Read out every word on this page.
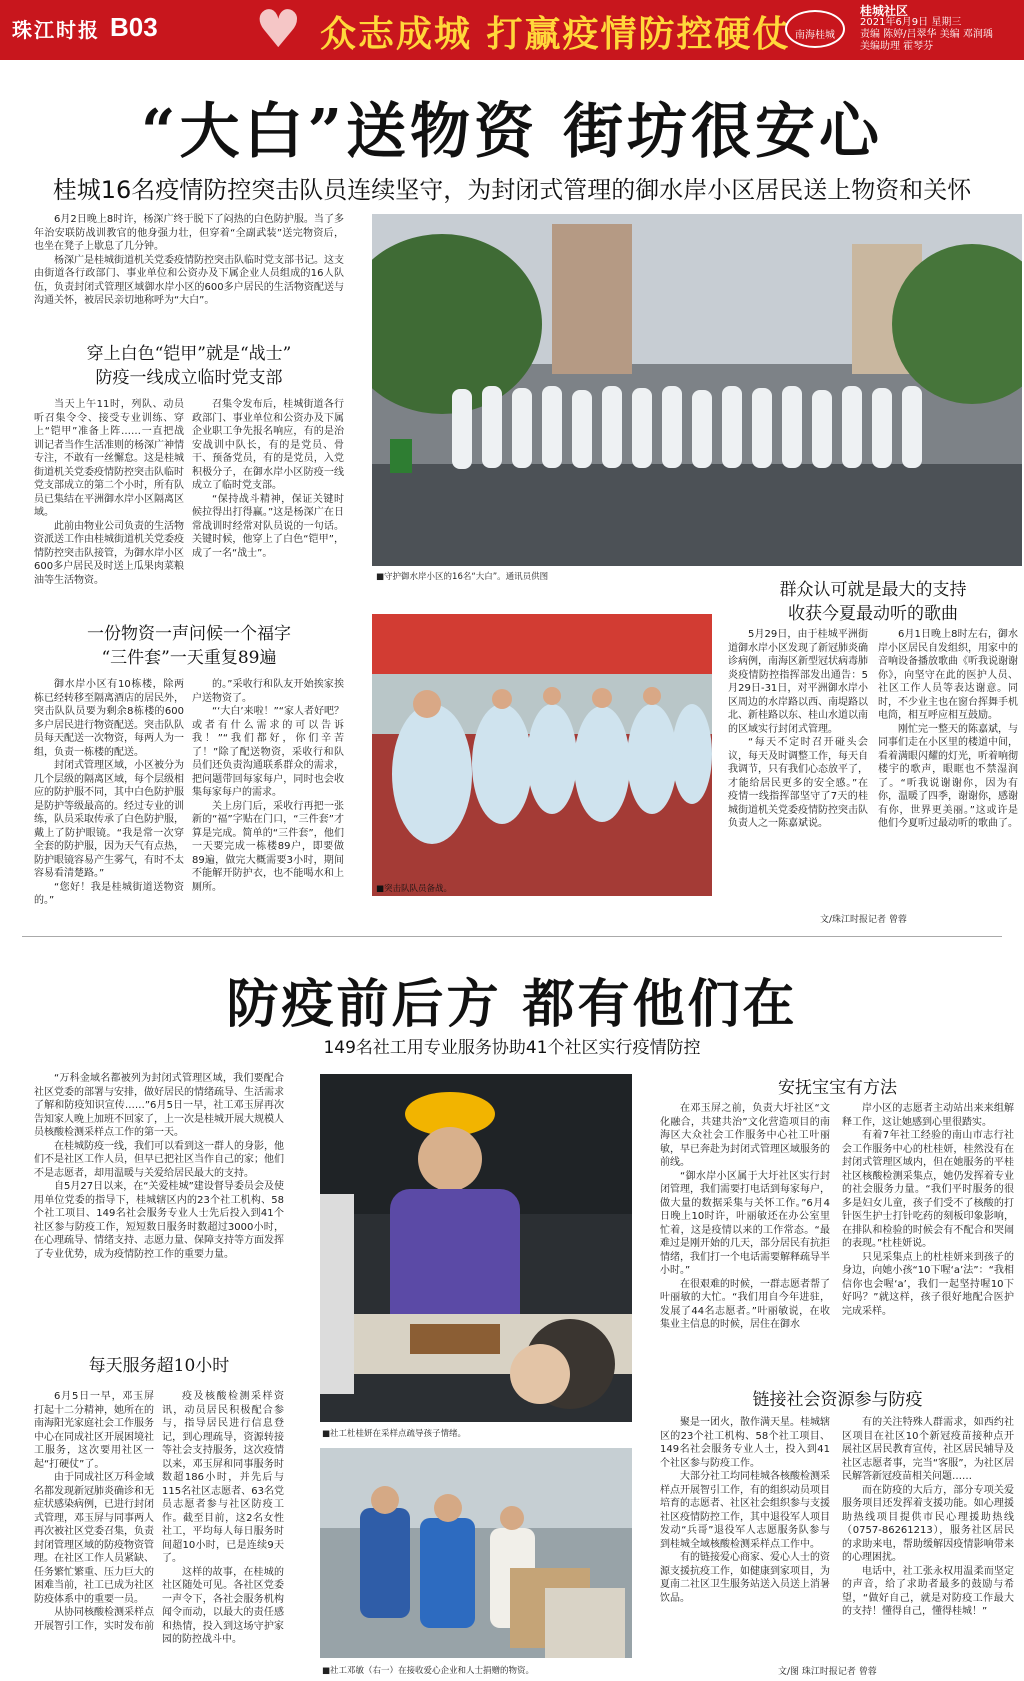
珠江时报 B03 ♥ 众志成城 打赢疫情防控硬仗 南海桂城
桂城社区
2021年6月9日 星期三
责编 陈婷/吕翠华 美编 邓润瑀
美编助理 霍琴芬
“大白”送物资 街坊很安心
桂城16名疫情防控突击队员连续坚守，为封闭式管理的御水岸小区居民送上物资和关怀

6月2日晚上8时许，杨深广终于脱下了闷热的白色防护服。当了多年治安联防战训教官的他身强力壮，但穿着“全副武装”送完物资后，也坐在凳子上歇息了几分钟。

杨深广是桂城街道机关党委疫情防控突击队临时党支部书记。这支由街道各行政部门、事业单位和公资办及下属企业人员组成的16人队伍，负责封闭式管理区域御水岸小区的600多户居民的生活物资配送与沟通关怀，被居民亲切地称呼为“大白”。

穿上白色“铠甲”就是“战士”
防疫一线成立临时党支部

当天上午11时，列队、动员听召集令令、接受专业训练、穿上“铠甲”准备上阵……一直把战训记者当作生活准则的杨深广神情专注，不敢有一丝懈怠。这是桂城街道机关党委疫情防控突击队临时党支部成立的第二个小时，所有队员已集结在平洲御水岸小区隔离区域。

此前由物业公司负责的生活物资派送工作由桂城街道机关党委疫情防控突击队接管，为御水岸小区600多户居民及时送上瓜果肉菜粮油等生活物资。

召集令发布后，桂城街道各行政部门、事业单位和公资办及下属企业职工争先报名响应，有的是治安战训中队长，有的是党员、骨干、预备党员，有的是党员，入党积极分子，在御水岸小区防疫一线成立了临时党支部。

“保持战斗精神，保证关键时候拉得出打得赢。”这是杨深广在日常战训时经常对队员说的一句话。关键时候，他穿上了白色“铠甲”，成了一名“战士”。

一份物资一声问候一个福字
“三件套”一天重复89遍

御水岸小区有10栋楼，除两栋已经转移至隔离酒店的居民外，突击队队员要为剩余8栋楼的600多户居民进行物资配送。突击队队员每天配送一次物资，每两人为一组，负责一栋楼的配送。

封闭式管理区域，小区被分为几个层级的隔离区域，每个层级相应的防护服不同，其中白色防护服是防护等级最高的。经过专业的训练，队员采取传承了白色防护服，戴上了防护眼镜。“我是常一次穿全套的防护服，因为天气有点热，防护眼镜容易产生雾气，有时不太容易看清楚路。”

“您好！我是桂城街道送物资的。”

的。”采收行和队友开始挨家挨户送物资了。

“‘大白’来啦！”“家人者好吧？或者有什么需求的可以告诉我！”“我们都好，你们辛苦了！”除了配送物资，采收行和队员们还负责沟通联系群众的需求，把问题带回每家每户，同时也会收集每家每户的需求。

关上房门后，采收行再把一张新的“福”字贴在门口，“三件套”才算是完成。简单的“三件套”，他们一天要完成一栋楼89户，即要做89遍，做完大概需要3小时，期间不能解开防护衣，也不能喝水和上厕所。

■守护御水岸小区的16名“大白”。通讯员供图
■突击队队员备战。
群众认可就是最大的支持
收获今夏最动听的歌曲

5月29日，由于桂城平洲街道御水岸小区发现了新冠肺炎确诊病例，南海区新型冠状病毒肺炎疫情防控指挥部发出通告：5月29日-31日，对平洲御水岸小区周边的水岸路以西、南堤路以北、新桂路以东、桂山水道以南的区域实行封闭式管理。

“每天不定时召开碰头会议，每天及时调整工作，每天自我调节，只有我们心态放平了，才能给居民更多的安全感。”在疫情一线指挥部坚守了7天的桂城街道机关党委疫情防控突击队负责人之一陈嘉斌说。

6月1日晚上8时左右，御水岸小区居民自发组织，用家中的音响设备播放歌曲《听我说谢谢你》，向坚守在此的医护人员、社区工作人员等表达谢意。同时，不少业主也在窗台挥舞手机电筒，相互呼应相互鼓励。

刚忙完一整天的陈嘉斌，与同事们走在小区里的楼道中间，看着满眼闪耀的灯光，听着响彻楼宇的歌声，眼眶也不禁湿润了。“听我说谢谢你，因为有你，温暖了四季，谢谢你，感谢有你，世界更美丽。”这或许是他们今夏听过最动听的歌曲了。

文/珠江时报记者 曾蓉
防疫前后方 都有他们在
149名社工用专业服务协助41个社区实行疫情防控

“万科金域名都被列为封闭式管理区域，我们要配合社区党委的部署与安排，做好居民的情绪疏导、生活需求了解和防疫知识宣传……”6月5日一早，社工邓玉屏再次告知家人晚上加班不回家了，上一次是桂城开展大规模人员核酸检测采样点工作的第一天。

在桂城防疫一线，我们可以看到这一群人的身影，他们不是社区工作人员，但早已把社区当作自己的家；他们不是志愿者，却用温暖与关爱给居民最大的支持。

自5月27日以来，在“关爱桂城”建设督导委员会及使用单位党委的指导下，桂城辖区内的23个社工机构、58个社工项目、149名社会服务专业人士先后投入到41个社区参与防疫工作，短短数日服务时数超过3000小时，在心理疏导、情绪支持、志愿力量、保障支持等方面发挥了专业优势，成为疫情防控工作的重要力量。

每天服务超10小时

6月5日一早，邓玉屏打起十二分精神，她所在的南海阳光家庭社会工作服务中心在同成社区开展困境社工服务，这次要用社区一起“打硬仗”了。

由于同成社区万科金域名都发现新冠肺炎确诊和无症状感染病例，已进行封闭式管理，邓玉屏与同事两人再次被社区党委召集，负责封闭管理区域的防疫物资管理。在社区工作人员紧缺、任务繁忙繁重、压力巨大的困难当前，社工已成为社区防疫体系中的重要一员。

从协同核酸检测采样点开展智引工作，实时发布前

疫及核酸检测采样资讯，动员居民积极配合参与，指导居民进行信息登记，到心理疏导，资源转接等社会支持服务，这次疫情以来，邓玉屏和同事服务时数超186小时，并先后与115名社区志愿者、63名党员志愿者参与社区防疫工作。截至目前，这2名女性社工，平均每人每日服务时间超10小时，已是连续9天了。

这样的故事，在桂城的社区随处可见。各社区党委一声令下，各社会服务机构闻令而动，以最大的责任感和热情，投入到这场守护家园的防控战斗中。

■社工杜桂妍在采样点疏导孩子情绪。
■社工邓敏（右一）在接收爱心企业和人士捐赠的物资。
安抚宝宝有方法

在邓玉屏之前，负责大圩社区“文化融合，共建共治”文化营造项目的南海区大众社会工作服务中心社工叶丽敏，早已奔赴为封闭式管理区域服务的前线。

“御水岸小区属于大圩社区实行封闭管理，我们需要打电话到每家每户，做大量的数据采集与关怀工作。”6月4日晚上10时许，叶丽敏还在办公室里忙着，这是疫情以来的工作常态。“最难过是刚开始的几天，部分居民有抗拒情绪，我们打一个电话需要解释疏导半小时。”

在很艰难的时候，一群志愿者帮了叶丽敏的大忙。“我们用自今年进驻，发展了44名志愿者。”叶丽敏说，在收集业主信息的时候，居住在御水

岸小区的志愿者主动站出来来组解释工作，这让她感到心里很踏实。

有着7年社工经验的南山市志行社会工作服务中心的杜桂妍，桂然没有在封闭式管理区域内，但在她服务的平桂社区核酸检测采集点，她仍发挥着专业的社会服务力量。“我们平时服务的很多是妇女儿童，孩子们受不了核酸的打针医生护士打针吃药的刻板印象影响，在排队和检验的时候会有不配合和哭闹的表现。”杜桂妍说。

只见采集点上的杜桂妍来到孩子的身边，向她小孩“10下喔‘a’法”：“我相信你也会喔‘a’，我们一起坚持喔10下好吗？”就这样，孩子很好地配合医护完成采样。

链接社会资源参与防疫

聚是一团火，散作满天星。桂城辖区的23个社工机构、58个社工项目、149名社会服务专业人士，投入到41个社区参与防疫工作。

大部分社工均同桂城各核酸检测采样点开展智引工作，有的组织动员项目培育的志愿者、社区社会组织参与支援社区疫情防控工作，其中退役军人项目发动“兵哥”退役军人志愿服务队参与到桂城全域核酸检测采样点工作中。

有的链接爱心商家、爱心人士的资源支援抗疫工作，如健康到家项目，为夏南二社区卫生服务站送入员送上消暑饮品。

有的关注特殊人群需求，如西约社区项目在社区10个新冠疫苗接种点开展社区居民教育宣传，社区居民辅导及社区志愿者事，完当“客服”，为社区居民解答新冠疫苗相关问题……

而在防疫的大后方，部分专项关爱服务项目还发挥着支援功能。如心理援助热线项目提供市民心理援助热线（0757-86261213），服务社区居民的求助来电，帮助缓解因疫情影响带来的心理困扰。

电话中，社工张永权用温柔而坚定的声音，给了求助者最多的鼓励与希望，“做好自己，就是对防疫工作最大的支持！懂得自己，懂得桂城！”

文/图 珠江时报记者 曾蓉
